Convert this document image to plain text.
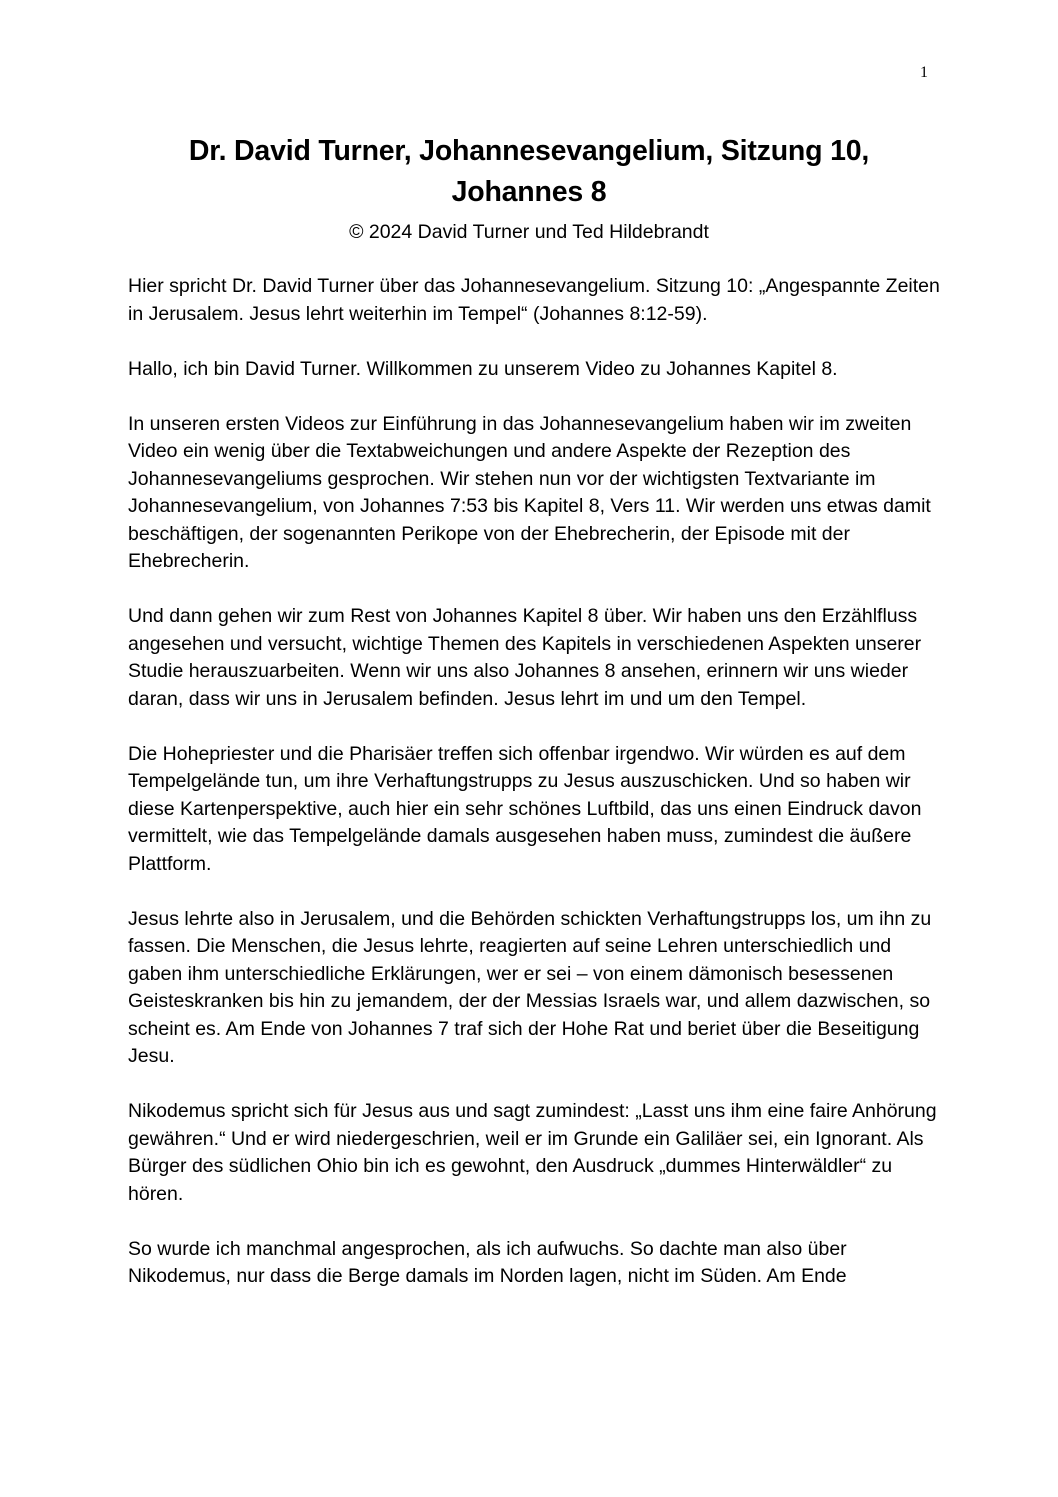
1
Dr. David Turner, Johannesevangelium, Sitzung 10, Johannes 8
© 2024 David Turner und Ted Hildebrandt

Hier spricht Dr. David Turner über das Johannesevangelium. Sitzung 10: „Angespannte Zeiten in Jerusalem. Jesus lehrt weiterhin im Tempel“ (Johannes 8:12-59).

Hallo, ich bin David Turner. Willkommen zu unserem Video zu Johannes Kapitel 8.

In unseren ersten Videos zur Einführung in das Johannesevangelium haben wir im zweiten Video ein wenig über die Textabweichungen und andere Aspekte der Rezeption des Johannesevangeliums gesprochen. Wir stehen nun vor der wichtigsten Textvariante im Johannesevangelium, von Johannes 7:53 bis Kapitel 8, Vers 11. Wir werden uns etwas damit beschäftigen, der sogenannten Perikope von der Ehebrecherin, der Episode mit der Ehebrecherin.

Und dann gehen wir zum Rest von Johannes Kapitel 8 über. Wir haben uns den Erzählfluss angesehen und versucht, wichtige Themen des Kapitels in verschiedenen Aspekten unserer Studie herauszuarbeiten. Wenn wir uns also Johannes 8 ansehen, erinnern wir uns wieder daran, dass wir uns in Jerusalem befinden. Jesus lehrt im und um den Tempel.

Die Hohepriester und die Pharisäer treffen sich offenbar irgendwo. Wir würden es auf dem Tempelgelände tun, um ihre Verhaftungstrupps zu Jesus auszuschicken. Und so haben wir diese Kartenperspektive, auch hier ein sehr schönes Luftbild, das uns einen Eindruck davon vermittelt, wie das Tempelgelände damals ausgesehen haben muss, zumindest die äußere Plattform.

Jesus lehrte also in Jerusalem, und die Behörden schickten Verhaftungstrupps los, um ihn zu fassen. Die Menschen, die Jesus lehrte, reagierten auf seine Lehren unterschiedlich und gaben ihm unterschiedliche Erklärungen, wer er sei – von einem dämonisch besessenen Geisteskranken bis hin zu jemandem, der der Messias Israels war, und allem dazwischen, so scheint es. Am Ende von Johannes 7 traf sich der Hohe Rat und beriet über die Beseitigung Jesu.

Nikodemus spricht sich für Jesus aus und sagt zumindest: „Lasst uns ihm eine faire Anhörung gewähren.“ Und er wird niedergeschrien, weil er im Grunde ein Galiläer sei, ein Ignorant. Als Bürger des südlichen Ohio bin ich es gewohnt, den Ausdruck „dummes Hinterwäldler“ zu hören.

So wurde ich manchmal angesprochen, als ich aufwuchs. So dachte man also über Nikodemus, nur dass die Berge damals im Norden lagen, nicht im Süden. Am Ende
